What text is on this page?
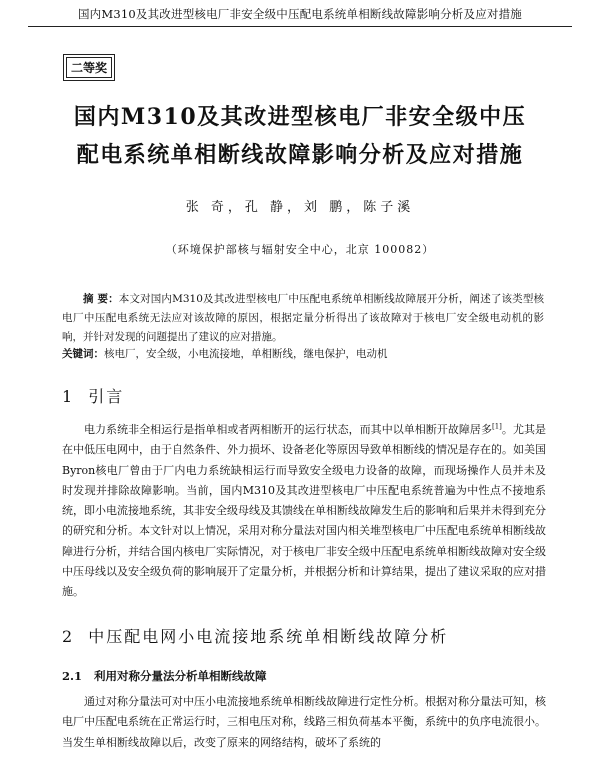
国内M310及其改进型核电厂非安全级中压配电系统单相断线故障影响分析及应对措施
二等奖
国内M310及其改进型核电厂非安全级中压
配电系统单相断线故障影响分析及应对措施
张 奇，孔 静，刘 鹏，陈子溪
（环境保护部核与辐射安全中心，北京 100082）
摘 要：本文对国内M310及其改进型核电厂中压配电系统单相断线故障展开分析，阐述了该类型核电厂中压配电系统无法应对该故障的原因，根据定量分析得出了该故障对于核电厂安全级电动机的影响，并针对发现的问题提出了建议的应对措施。
关键词：核电厂，安全级，小电流接地，单相断线，继电保护，电动机
1 引言
电力系统非全相运行是指单相或者两相断开的运行状态，而其中以单相断开故障居多[1]。尤其是在中低压电网中，由于自然条件、外力损坏、设备老化等原因导致单相断线的情况是存在的。如美国Byron核电厂曾由于厂内电力系统缺相运行而导致安全级电力设备的故障，而现场操作人员并未及时发现并排除故障影响。当前，国内M310及其改进型核电厂中压配电系统普遍为中性点不接地系统，即小电流接地系统，其非安全级母线及其馈线在单相断线故障发生后的影响和后果并未得到充分的研究和分析。本文针对以上情况，采用对称分量法对国内相关堆型核电厂中压配电系统单相断线故障进行分析，并结合国内核电厂实际情况，对于核电厂非安全级中压配电系统单相断线故障对安全级中压母线以及安全级负荷的影响展开了定量分析，并根据分析和计算结果，提出了建议采取的应对措施。
2 中压配电网小电流接地系统单相断线故障分析
2.1 利用对称分量法分析单相断线故障
通过对称分量法可对中压小电流接地系统单相断线故障进行定性分析。根据对称分量法可知，核电厂中压配电系统在正常运行时，三相电压对称，线路三相负荷基本平衡，系统中的负序电流很小。当发生单相断线故障以后，改变了原来的网络结构，破坏了系统的
